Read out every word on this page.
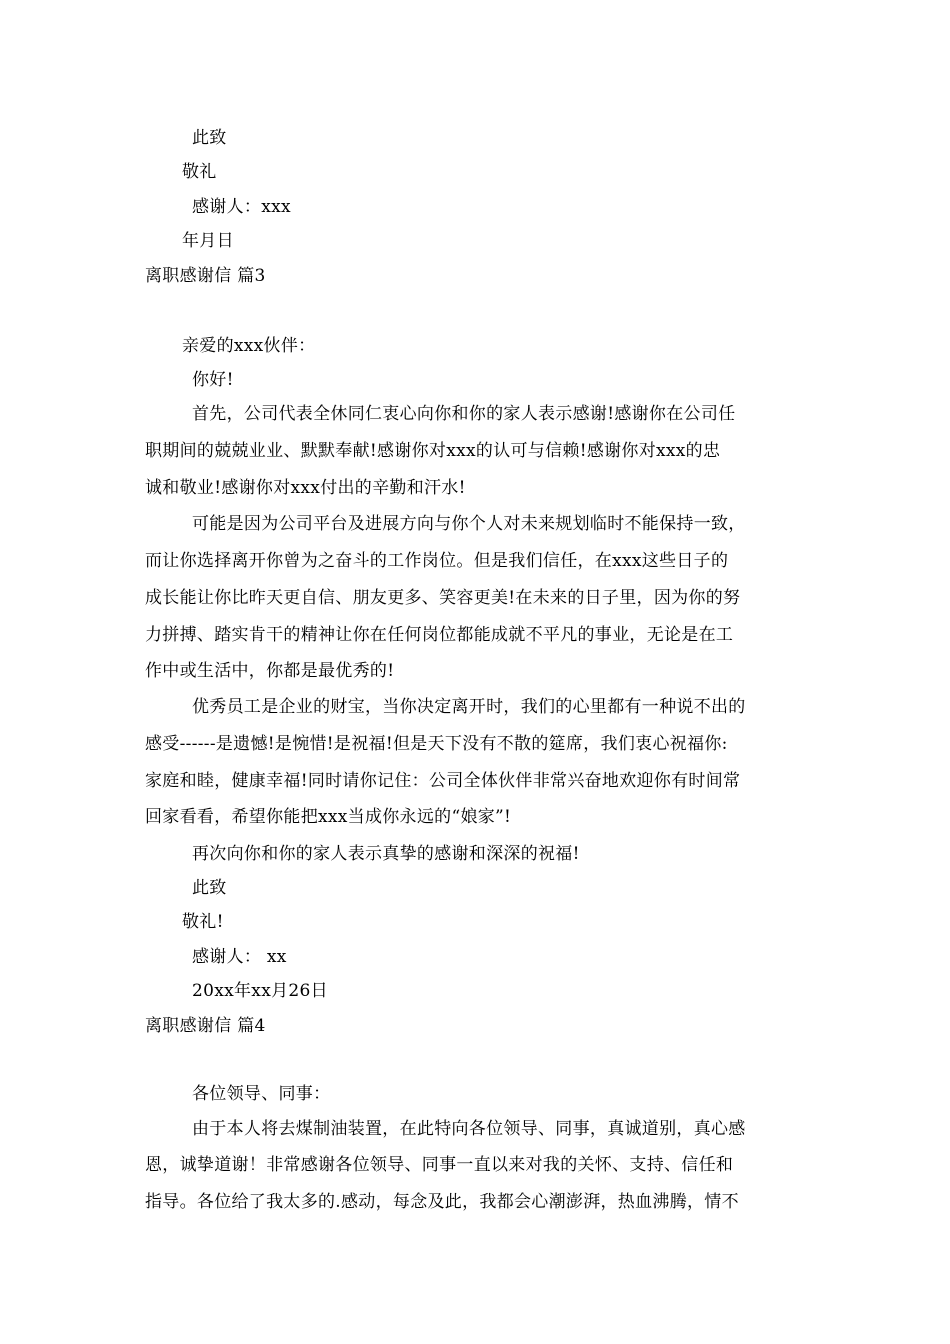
此致
敬礼
感谢人：xxx
年月日
离职感谢信 篇3
亲爱的xxx伙伴：
你好!
首先，公司代表全休同仁衷心向你和你的家人表示感谢!感谢你在公司任
职期间的兢兢业业、默默奉献!感谢你对xxx的认可与信赖!感谢你对xxx的忠
诚和敬业!感谢你对xxx付出的辛勤和汗水!
可能是因为公司平台及进展方向与你个人对未来规划临时不能保持一致，
而让你选择离开你曾为之奋斗的工作岗位。但是我们信任，在xxx这些日子的
成长能让你比昨天更自信、朋友更多、笑容更美!在未来的日子里，因为你的努
力拼搏、踏实肯干的精神让你在任何岗位都能成就不平凡的事业，无论是在工
作中或生活中，你都是最优秀的!
优秀员工是企业的财宝，当你决定离开时，我们的心里都有一种说不出的
感受------是遗憾!是惋惜!是祝福!但是天下没有不散的筵席，我们衷心祝福你:
家庭和睦，健康幸福!同时请你记住：公司全体伙伴非常兴奋地欢迎你有时间常
回家看看，希望你能把xxx当成你永远的“娘家”!
再次向你和你的家人表示真挚的感谢和深深的祝福!
此致
敬礼!
感谢人： xx
20xx年xx月26日
离职感谢信 篇4
各位领导、同事：
由于本人将去煤制油装置，在此特向各位领导、同事，真诚道别，真心感
恩，诚挚道谢！非常感谢各位领导、同事一直以来对我的关怀、支持、信任和
指导。各位给了我太多的.感动，每念及此，我都会心潮澎湃，热血沸腾，情不
